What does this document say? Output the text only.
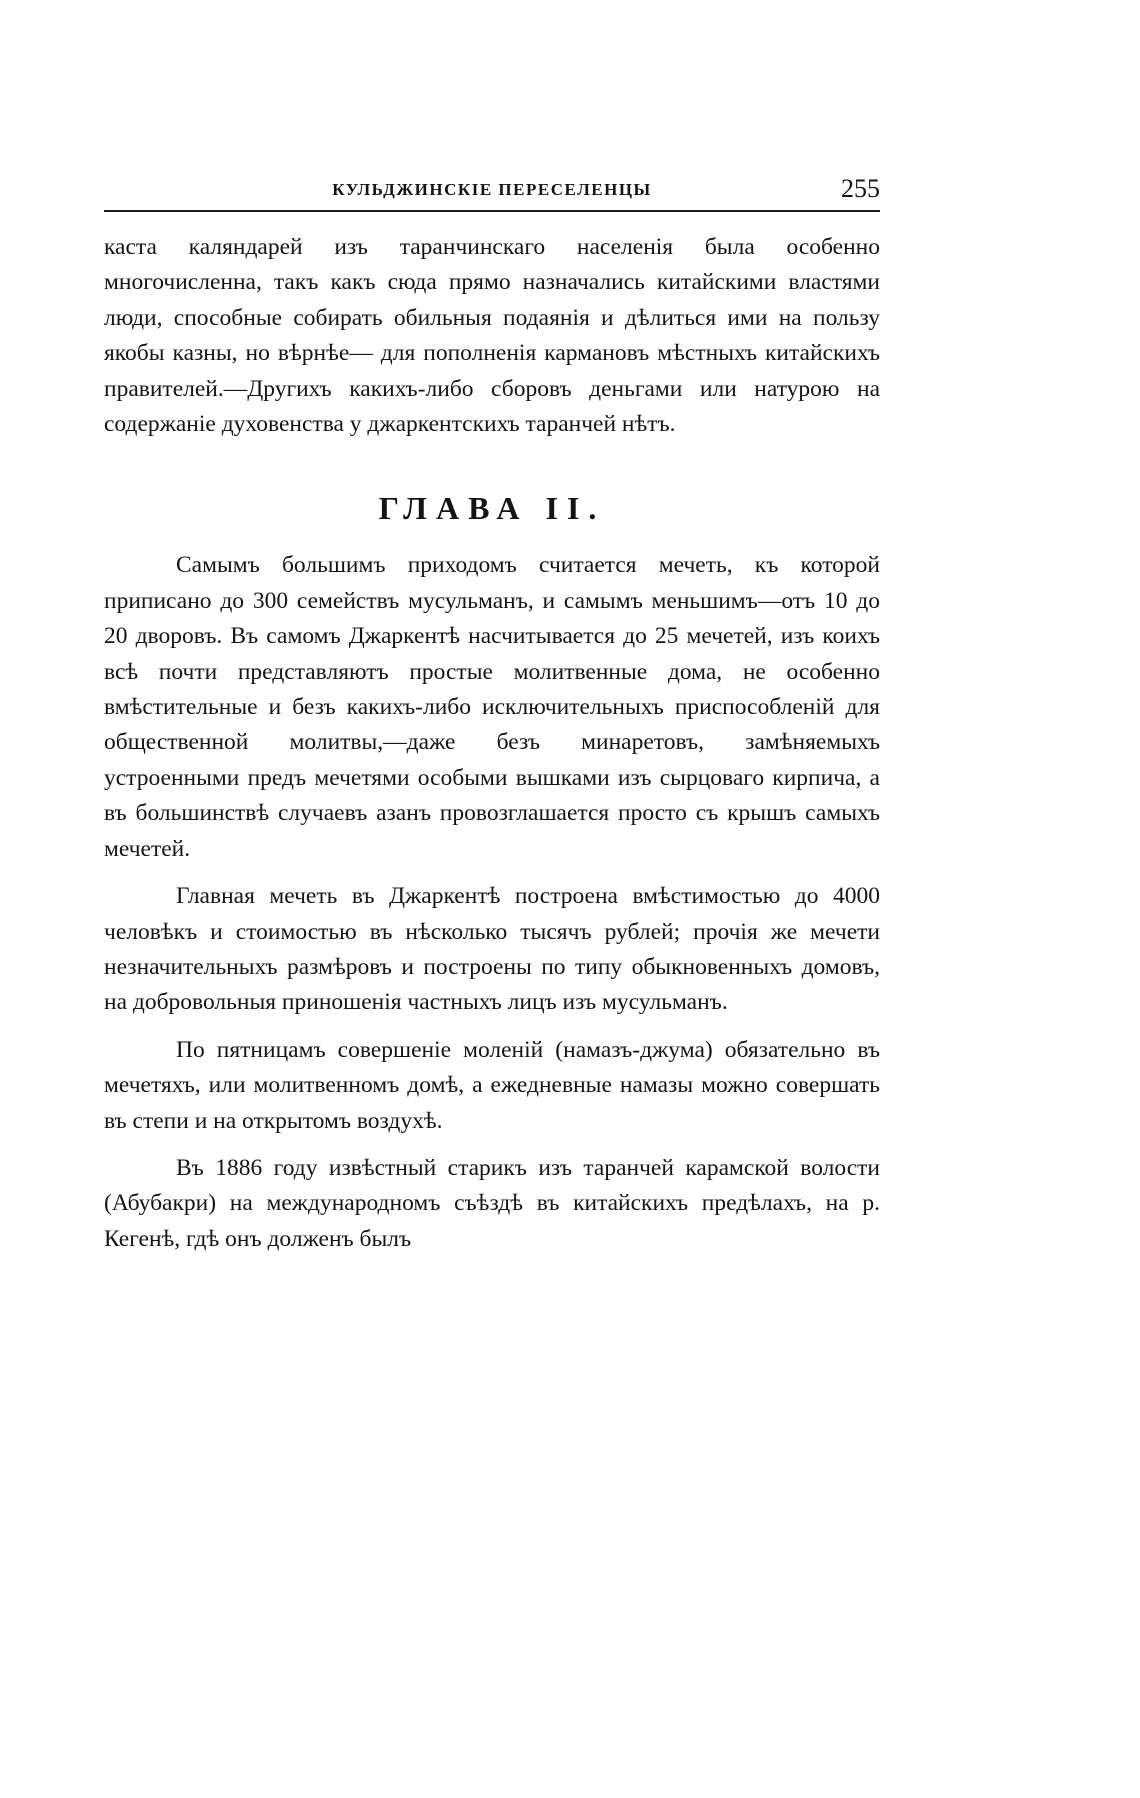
КУЛЬДЖИНСКІЕ ПЕРЕСЕЛЕНЦЫ	255

каста каляндарей изъ таранчинскаго населенія была особенно многочисленна, такъ какъ сюда прямо назначались китайскими властями люди, способные собирать обильныя подаянія и дѣлиться ими на пользу якобы казны, но вѣрнѣе— для пополненія кармановъ мѣстныхъ китайскихъ правителей.—Другихъ какихъ-либо сборовъ деньгами или натурою на содержаніе духовенства у джаркентскихъ таранчей нѣтъ.

ГЛАВА II.

Самымъ большимъ приходомъ считается мечеть, къ которой приписано до 300 семействъ мусульманъ, и самымъ меньшимъ—отъ 10 до 20 дворовъ. Въ самомъ Джаркентѣ насчитывается до 25 мечетей, изъ коихъ всѣ почти представляютъ простые молитвенные дома, не особенно вмѣстительные и безъ какихъ-либо исключительныхъ приспособленій для общественной молитвы,—даже безъ минаретовъ, замѣняемыхъ устроенными предъ мечетями особыми вышками изъ сырцоваго кирпича, а въ большинствѣ случаевъ азанъ провозглашается просто съ крышъ самыхъ мечетей.

Главная мечеть въ Джаркентѣ построена вмѣстимостью до 4000 человѣкъ и стоимостью въ нѣсколько тысячъ рублей; прочія же мечети незначительныхъ размѣровъ и построены по типу обыкновенныхъ домовъ, на добровольныя приношенія частныхъ лицъ изъ мусульманъ.

По пятницамъ совершеніе моленій (намазъ-джума) обязательно въ мечетяхъ, или молитвенномъ домѣ, а ежедневные намазы можно совершать въ степи и на открытомъ воздухѣ.

Въ 1886 году извѣстный старикъ изъ таранчей карамской волости (Абубакри) на международномъ съѣздѣ въ китайскихъ предѣлахъ, на р. Кегенѣ, гдѣ онъ долженъ былъ
